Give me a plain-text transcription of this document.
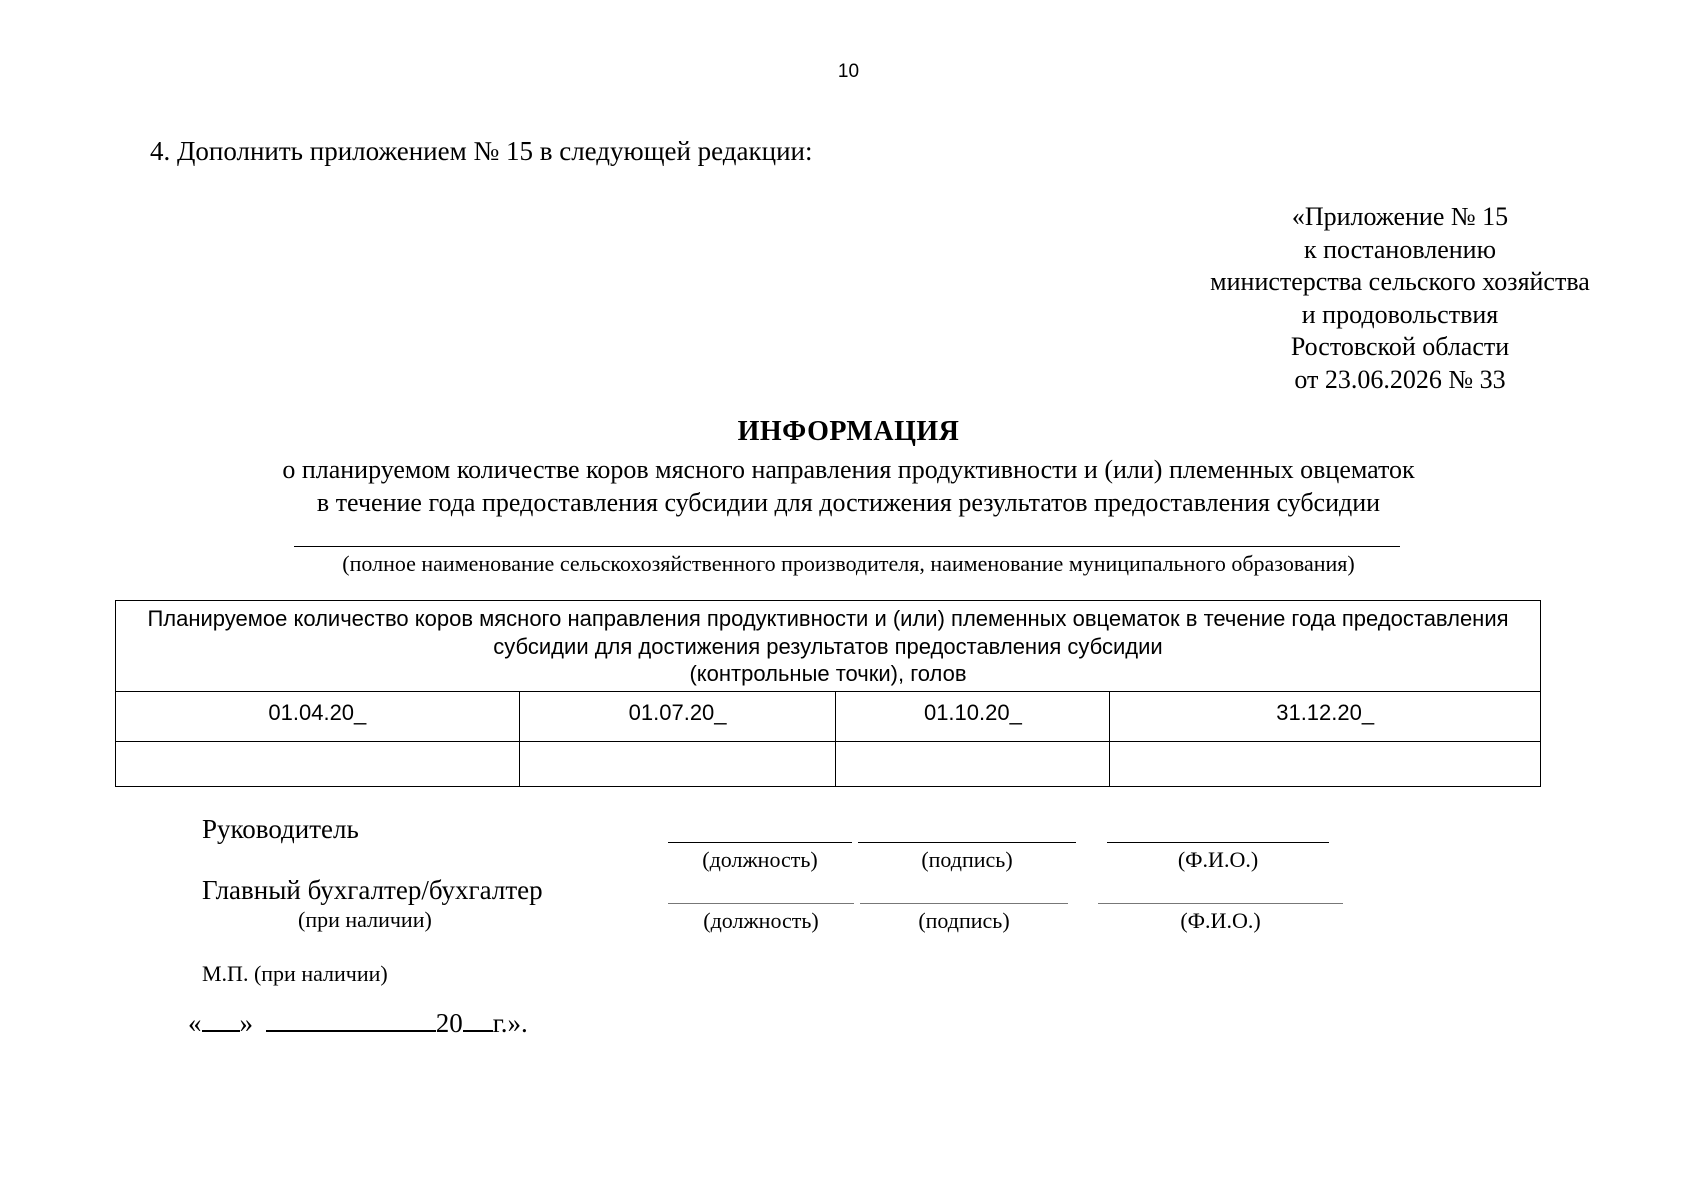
10
4. Дополнить приложением № 15 в следующей редакции:
«Приложение № 15
к постановлению
министерства сельского хозяйства
и продовольствия
Ростовской области
от 23.06.2026 № 33
ИНФОРМАЦИЯ
о планируемом количестве коров мясного направления продуктивности и (или) племенных овцематок
в течение года предоставления субсидии для достижения результатов предоставления субсидии
(полное наименование сельскохозяйственного производителя, наименование муниципального образования)
Планируемое количество коров мясного направления продуктивности и (или) племенных овцематок в течение года предоставления
субсидии для достижения результатов предоставления субсидии
(контрольные точки), голов			

01.04.20_	01.07.20_	01.10.20_	31.12.20_

Руководитель
(должность)	(подпись)	(Ф.И.О.)
Главный бухгалтер/бухгалтер
(при наличии)	(должность)	(подпись)	(Ф.И.О.)
М.П. (при наличии)
« »	20 г.».
